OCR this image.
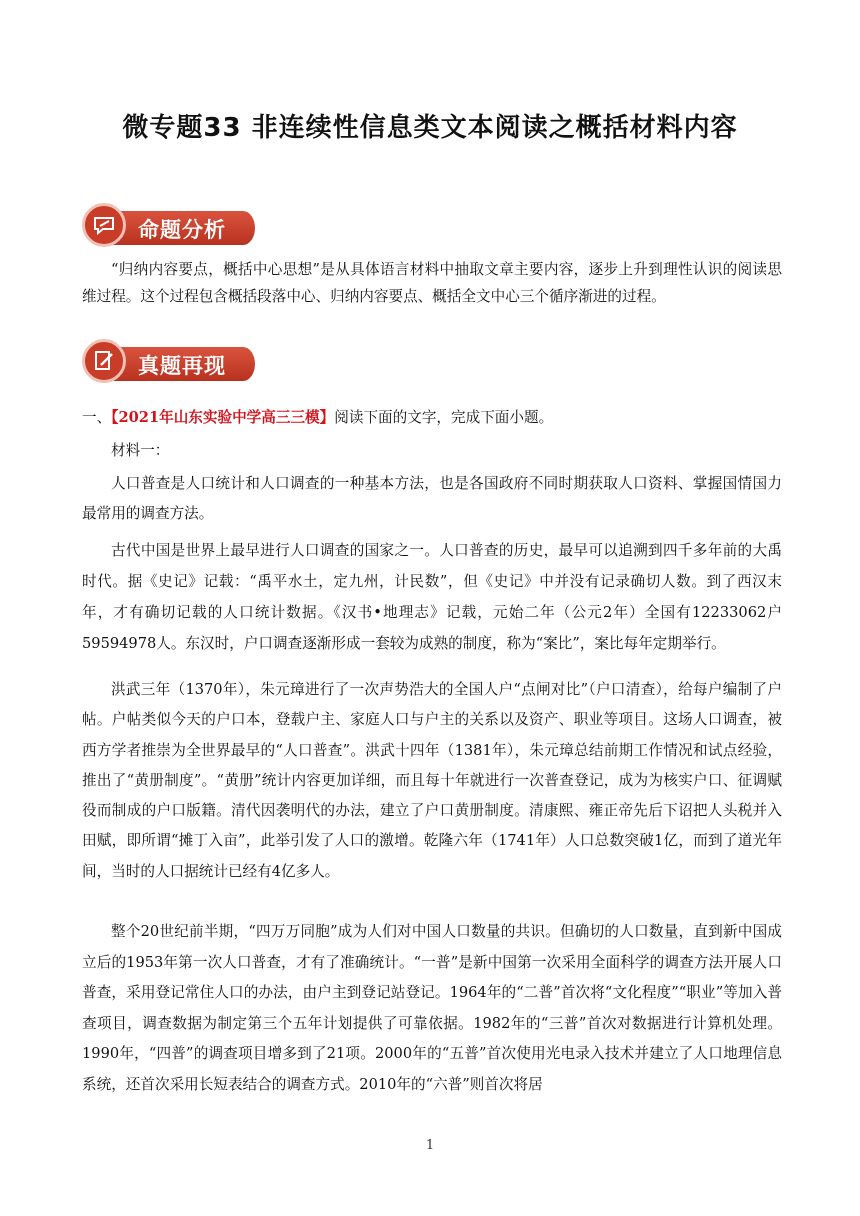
微专题33 非连续性信息类文本阅读之概括材料内容
命题分析
“归纳内容要点，概括中心思想”是从具体语言材料中抽取文章主要内容，逐步上升到理性认识的阅读思维过程。这个过程包含概括段落中心、归纳内容要点、概括全文中心三个循序渐进的过程。
真题再现
一、【2021年山东实验中学高三三模】阅读下面的文字，完成下面小题。
材料一：
人口普查是人口统计和人口调查的一种基本方法，也是各国政府不同时期获取人口资料、掌握国情国力最常用的调查方法。
古代中国是世界上最早进行人口调查的国家之一。人口普查的历史，最早可以追溯到四千多年前的大禹时代。据《史记》记载：“禹平水土，定九州，计民数”，但《史记》中并没有记录确切人数。到了西汉末年，才有确切记载的人口统计数据。《汉书•地理志》记载，元始二年（公元2年）全国有12233062户59594978人。东汉时，户口调查逐渐形成一套较为成熟的制度，称为“案比”，案比每年定期举行。
洪武三年（1370年），朱元璋进行了一次声势浩大的全国人户“点闸对比”（户口清查），给每户编制了户帖。户帖类似今天的户口本，登载户主、家庭人口与户主的关系以及资产、职业等项目。这场人口调查，被西方学者推崇为全世界最早的“人口普查”。洪武十四年（1381年），朱元璋总结前期工作情况和试点经验，推出了“黄册制度”。“黄册”统计内容更加详细，而且每十年就进行一次普查登记，成为为核实户口、征调赋役而制成的户口版籍。清代因袭明代的办法，建立了户口黄册制度。清康熙、雍正帝先后下诏把人头税并入田赋，即所谓“摊丁入亩”，此举引发了人口的激增。乾隆六年（1741年）人口总数突破1亿，而到了道光年间，当时的人口据统计已经有4亿多人。
整个20世纪前半期，“四万万同胞”成为人们对中国人口数量的共识。但确切的人口数量，直到新中国成立后的1953年第一次人口普查，才有了准确统计。“一普”是新中国第一次采用全面科学的调查方法开展人口普查，采用登记常住人口的办法，由户主到登记站登记。1964年的“二普”首次将“文化程度”“职业”等加入普查项目，调查数据为制定第三个五年计划提供了可靠依据。1982年的“三普”首次对数据进行计算机处理。1990年，“四普”的调查项目增多到了21项。2000年的“五普”首次使用光电录入技术并建立了人口地理信息系统，还首次采用长短表结合的调查方式。2010年的“六普”则首次将居
1
